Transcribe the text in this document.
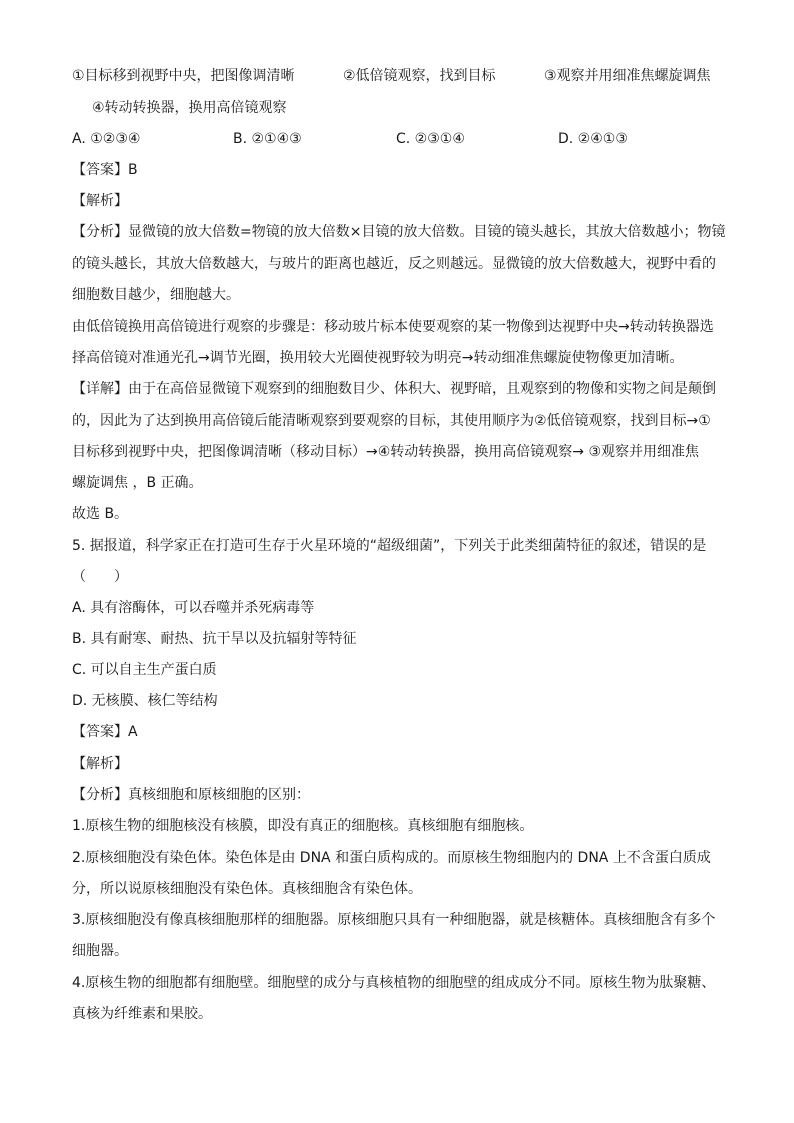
①目标移到视野中央，把图像调清晰	②低倍镜观察，找到目标	③观察并用细准焦螺旋调焦
④转动转换器，换用高倍镜观察
A. ①②③④	B. ②①④③	C. ②③①④	D. ②④①③
【答案】B
【解析】
【分析】显微镜的放大倍数=物镜的放大倍数×目镜的放大倍数。目镜的镜头越长，其放大倍数越小；物镜
的镜头越长，其放大倍数越大，与玻片的距离也越近，反之则越远。显微镜的放大倍数越大，视野中看的
细胞数目越少，细胞越大。
由低倍镜换用高倍镜进行观察的步骤是：移动玻片标本使要观察的某一物像到达视野中央→转动转换器选
择高倍镜对准通光孔→调节光圈，换用较大光圈使视野较为明亮→转动细准焦螺旋使物像更加清晰。
【详解】由于在高倍显微镜下观察到的细胞数目少、体积大、视野暗，且观察到的物像和实物之间是颠倒
的，因此为了达到换用高倍镜后能清晰观察到要观察的目标，其使用顺序为②低倍镜观察，找到目标→①
目标移到视野中央，把图像调清晰（移动目标）→④转动转换器，换用高倍镜观察→ ③观察并用细准焦
螺旋调焦 ，B 正确。
故选 B。
5. 据报道，科学家正在打造可生存于火星环境的“超级细菌”，下列关于此类细菌特征的叙述，错误的是
（　　）
A. 具有溶酶体，可以吞噬并杀死病毒等
B. 具有耐寒、耐热、抗干旱以及抗辐射等特征
C. 可以自主生产蛋白质
D. 无核膜、核仁等结构
【答案】A
【解析】
【分析】真核细胞和原核细胞的区别：
1.原核生物的细胞核没有核膜，即没有真正的细胞核。真核细胞有细胞核。
2.原核细胞没有染色体。染色体是由 DNA 和蛋白质构成的。而原核生物细胞内的 DNA 上不含蛋白质成
分，所以说原核细胞没有染色体。真核细胞含有染色体。
3.原核细胞没有像真核细胞那样的细胞器。原核细胞只具有一种细胞器，就是核糖体。真核细胞含有多个
细胞器。
4.原核生物的细胞都有细胞壁。细胞壁的成分与真核植物的细胞壁的组成成分不同。原核生物为肽聚糖、
真核为纤维素和果胶。
